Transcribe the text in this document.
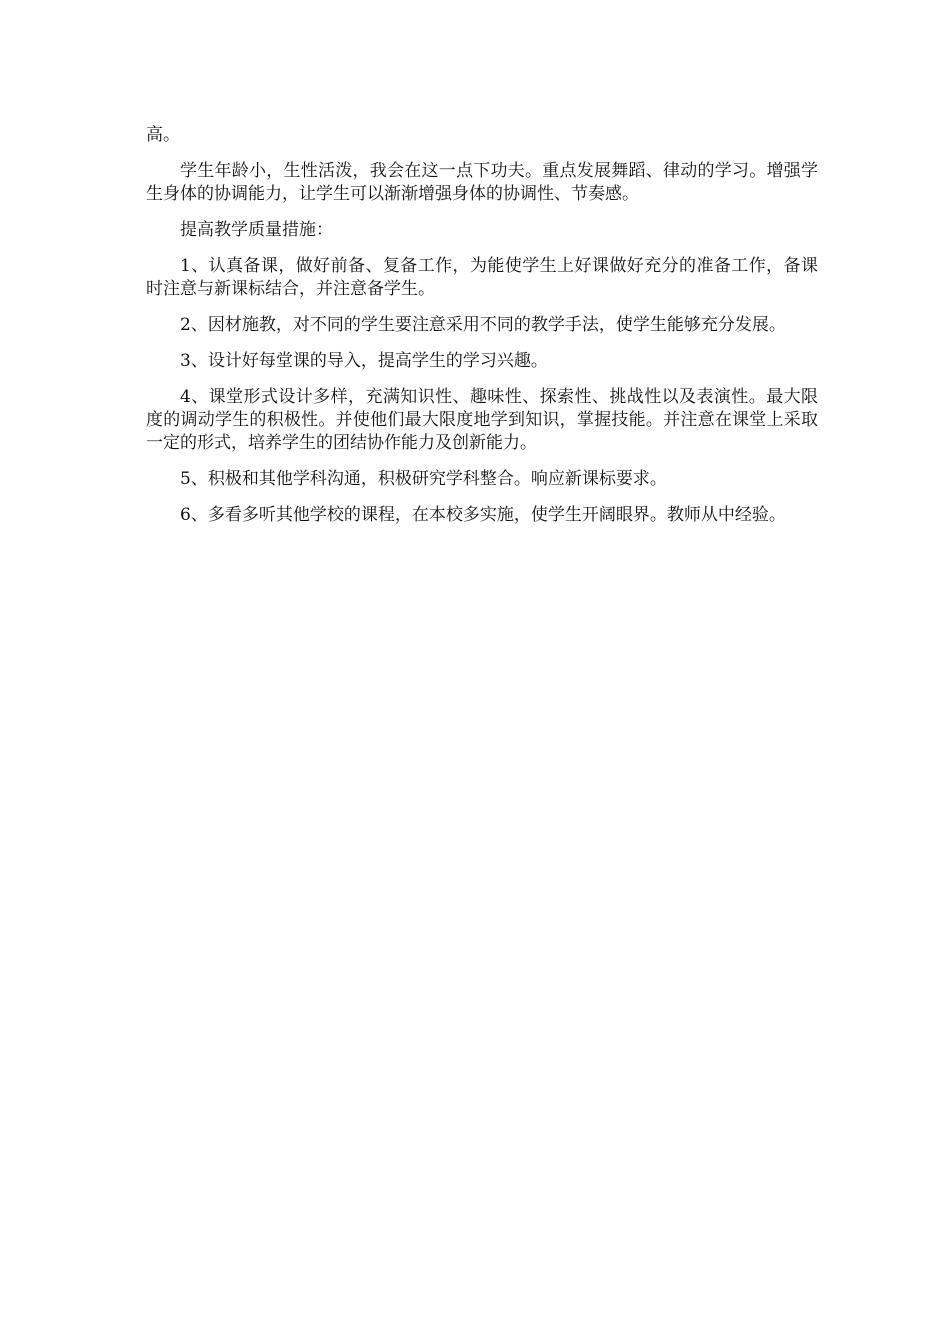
高。

学生年龄小，生性活泼，我会在这一点下功夫。重点发展舞蹈、律动的学习。增强学生身体的协调能力，让学生可以渐渐增强身体的协调性、节奏感。

提高教学质量措施：

1、认真备课，做好前备、复备工作，为能使学生上好课做好充分的准备工作，备课时注意与新课标结合，并注意备学生。

2、因材施教，对不同的学生要注意采用不同的教学手法，使学生能够充分发展。

3、设计好每堂课的导入，提高学生的学习兴趣。

4、课堂形式设计多样，充满知识性、趣味性、探索性、挑战性以及表演性。最大限度的调动学生的积极性。并使他们最大限度地学到知识，掌握技能。并注意在课堂上采取一定的形式，培养学生的团结协作能力及创新能力。

5、积极和其他学科沟通，积极研究学科整合。响应新课标要求。

6、多看多听其他学校的课程，在本校多实施，使学生开阔眼界。教师从中经验。
